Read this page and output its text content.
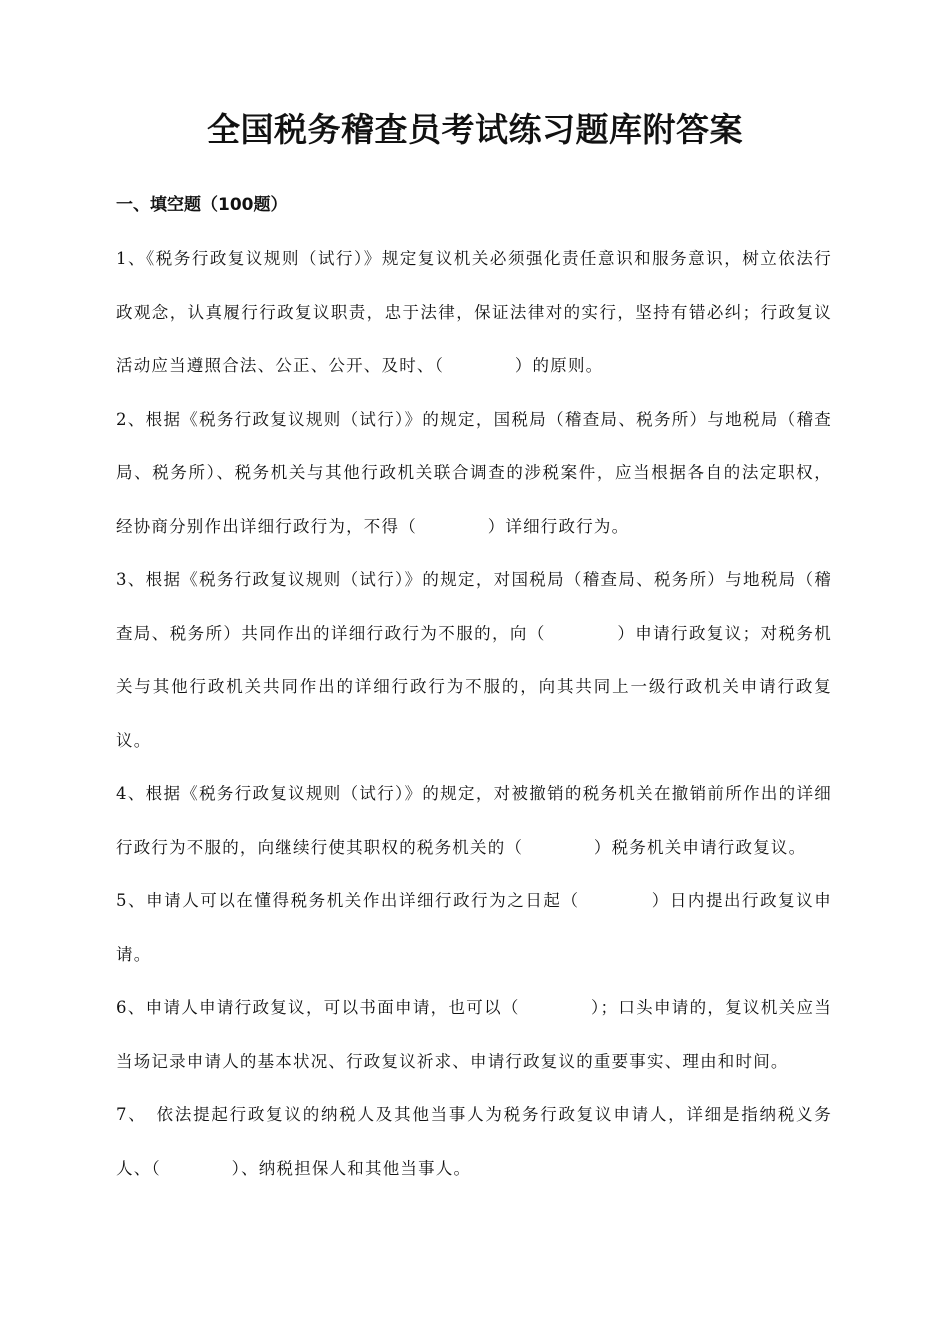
全国税务稽查员考试练习题库附答案
一、填空题（100题）

1、《税务行政复议规则（试行）》规定复议机关必须强化责任意识和服务意识，树立依法行政观念，认真履行行政复议职责，忠于法律，保证法律对的实行，坚持有错必纠；行政复议活动应当遵照合法、公正、公开、及时、（　　　　）的原则。

2、根据《税务行政复议规则（试行）》的规定，国税局（稽查局、税务所）与地税局（稽查局、税务所）、税务机关与其他行政机关联合调查的涉税案件，应当根据各自的法定职权，经协商分别作出详细行政行为，不得（　　　　）详细行政行为。

3、根据《税务行政复议规则（试行）》的规定，对国税局（稽查局、税务所）与地税局（稽查局、税务所）共同作出的详细行政行为不服的，向（　　　　）申请行政复议；对税务机关与其他行政机关共同作出的详细行政行为不服的，向其共同上一级行政机关申请行政复议。

4、根据《税务行政复议规则（试行）》的规定，对被撤销的税务机关在撤销前所作出的详细行政行为不服的，向继续行使其职权的税务机关的（　　　　）税务机关申请行政复议。

5、申请人可以在懂得税务机关作出详细行政行为之日起（　　　　）日内提出行政复议申请。

6、申请人申请行政复议，可以书面申请，也可以（　　　　）；口头申请的，复议机关应当当场记录申请人的基本状况、行政复议祈求、申请行政复议的重要事实、理由和时间。

7、　依法提起行政复议的纳税人及其他当事人为税务行政复议申请人，详细是指纳税义务人、（　　　　）、纳税担保人和其他当事人。
